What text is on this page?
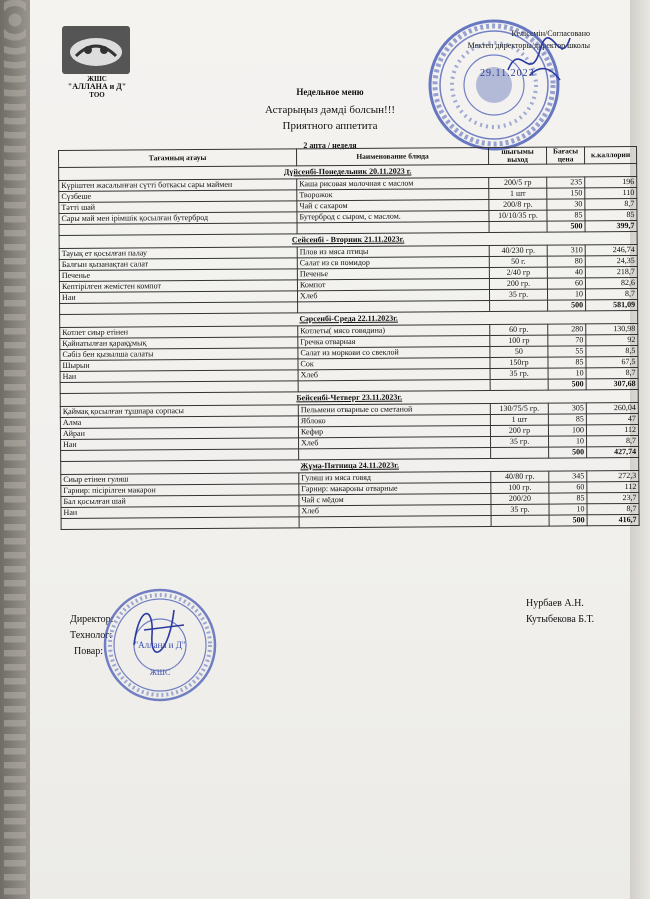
ЖШС
"АЛЛАНА и Д"
ТОО
Келісемін/Согласовано
Мектеп директоры/директор школы
29.11.2023
Недельное меню
Астарыңыз дәмді болсын!!!
Приятного аппетита
2 апта / неделя
Тағамның атауы	Наименование блюда	шығымы выход	Бағасы цена	к.каллории
Дүйсенбі-Понедельник 20.11.2023 г.				
Күріштен жасалынған сүтті боткасы сары маймен	Каша рисовая молочная с маслом	200/5 гр	235	196
Сүзбеше	Творожок	1 шт	150	110
Тәтті шай	Чай с сахаром	200/8 гр.	30	8,7
Сары май мен ірімшік қосылған бутерброд	Бутерброд с сыром, с маслом.	10/10/35 гр.	85	85
			500	399,7
Сейсенбі - Вторник 21.11.2023г.				
Тауық ет қосылған палау	Плов из мяса птицы	40/230 гр.	310	246,74
Балғын қызанақтан салат	Салат из св помидор	50 г.	80	24,35
Печенье	Печенье	2/40 гр	40	218,7
Кептірілген жемістен компот	Компот	200 гр.	60	82,6
Нан	Хлеб	35 гр.	10	8,7
			500	581,09
Сәрсенбі-Среда 22.11.2023г.				
Котлет сиыр етінен	Котлеты( мясо говядина)	60 гр.	280	130,98
Қайнатылған қарақұмық	Гречка отварная	100 гр	70	92
Сәбіз бен қызылша салаты	Салат из моркови со свеклой	50	55	8,5
Шырын	Сок	150гр	85	67,5
Нан	Хлеб	35 гр.	10	8,7
			500	307,68
Бейсенбі-Четверг 23.11.2023г.				
Қаймақ қосылған тұшпара сорпасы	Пельмени отварные со сметаной	130/75/5 гр.	305	260,04
Алма	Яблоко	1 шт	85	47
Айран	Кефир	200 гр	100	112
Нан	Хлеб	35 гр.	10	8,7
			500	427,74
Жұма-Пятница 24.11.2023г.				
Сиыр етінен гуляш	Гуляш из мяса говяд	40/80 гр.	345	272,3
Гарнир: пісірілген макарон	Гарнир: макароны отварные	100 гр.	60	112
Бал қосылған шай	Чай с мёдом	200/20	85	23,7
Нан	Хлеб	35 гр.	10	8,7
			500	416,7
Директор:
Технолог:
Повар:
Нурбаев А.Н.
Кутыбекова Б.Т.
"Аллана и Д"
ЖШС
